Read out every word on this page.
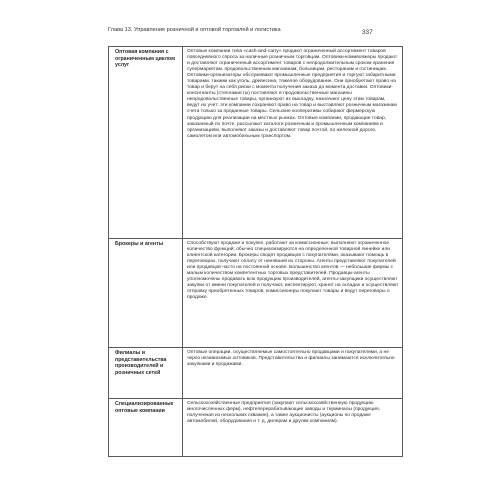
Глава 13. Управление розничной и оптовой торговлей и логистика	337
Оптовая компания с ограниченным циклом услуг	Оптовые компании типа «cash-and-carry» продают ограниченный ассортимент товаров повседневного спроса за наличные розничным торговцам. Оптовики-комивояжеры продают и доставляют ограниченный ассортимент товаров с непродолжительным сроком хранения супермаркетам, продовольственным магазинам, больницам, ресторанам и гостиницам. Оптовики-организаторы обслуживают промышленные предприятия и торгуют габаритными товарами, такими как уголь, древесина, тяжелое оборудование. Они приобретают право на товар и берут на себя риски с момента получения заказа до момента доставки. Оптовики-консигнанты (стеллажисты) поставляют в продовольственные магазины непродовольственные товары, организуют их выкладку, назначают цену этим товарам, ведут их учет; эти компании сохраняют право на товар и выставляют розничным магазинам счета только за проданные товары. Сельские кооперативы собирают фермерскую продукцию для реализации на местных рынках. Оптовые компании, продающие товар, заказанный по почте, рассылают каталоги розничным и промышленным компаниям и организациям, выполняют заказы и доставляют товар почтой, по железной дороге, самолетом или автомобильным транспортом.

Брокеры и агенты	Способствуют продаже и покупке, работают за комиссионные; выполняют ограниченное количество функций; обычно специализируются на определенной товарной линейке или клиентской категории. Брокеры сводят продавцов с покупателями, оказывают помощь в переговорах, получают оплату от нанявшей их стороны. Агенты представляют покупателей или продавцов часто на постоянной основе. Большинство агентов — небольшие фирмы с малым количеством компетентных торговых представителей. Продавцы-агенты уполномочены продавать всю продукцию производителей, агенты-закупщики осуществляют закупки от имени покупателей и получают, инспектируют, хранят на складах и осуществляют отправку приобретенных товаров; комиссионеры покупают товары и ведут переговоры о продаже.

Филиалы и представительства производителей и розничных сетей	Оптовые операции, осуществляемые самостоятельно продавцами и покупателями, а не через независимых оптовиков. Представительства и филиалы занимаются исключительно закупками и продажами.

Специализированные оптовые компании	Сельскохозяйственные предприятия (закупают сельскохозяйственную продукцию многочисленных ферм), нефтеперерабатывающие заводы и терминалы (продукция, полученная из нескольких скважин), а также аукционисты (аукционы по продаже автомобилей, оборудования и т. д. дилерам и другим компаниям).
